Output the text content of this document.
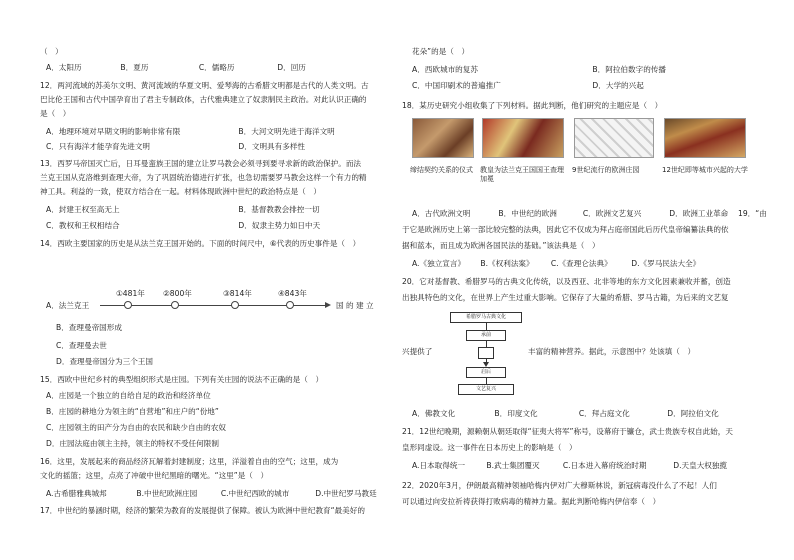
（　）
A．太阳历	B．夏历	C．儒略历	D．回历
12．两河流域的苏美尔文明、黄河流域的华夏文明、爱琴海的古希腊文明都是古代的人类文明。古
巴比伦王国和古代中国孕育出了君主专制政体，古代雅典建立了奴隶制民主政治。对此认识正确的
是（　）
A．地理环境对早期文明的影响非常有限	B．大河文明先进于海洋文明
C．只有海洋才能孕育先进文明	D．文明具有多样性
13．西罗马帝国灭亡后，日耳曼蛮族王国的建立让罗马教会必须寻到要寻求新的政治保护。而法
兰克王国从克洛维到查理大帝，为了巩固统治德进行扩张，也急切需要罗马教会这样一个有力的精
神工具。利益的一致，使双方结合在一起。材料体现欧洲中世纪的政治特点是（　）
A．封建王权至高无上	B．基督教教会排控一切
C．教权和王权相结合	D．奴隶主势力如日中天
14．西欧主要国家的历史是从法兰克王国开始的。下面的时间尺中，⑥代表的历史事件是（　）
A．法兰克王
①481年 ②800年	③814年	④843年
国 的 建 立
B．查理曼帝国形成
C．查理曼去世
D．查理曼帝国分为三个王国
15．西欧中世纪乡村的典型组织形式是庄园。下列有关庄园的说法不正确的是（　）
A．庄园是一个独立的自给自足的政治和经济单位
B．庄园的耕地分为领主的“自营地”和庄户的“份地”
C．庄园领主的田产分为自由的农民和缺少自由的农奴
D．庄园法庭由领主主持，领主的特权不受任何限制
16．这里，发展起来的商品经济瓦解着封建制度；这里，洋溢着自由的空气；这里，成为
文化的摇篮；这里，点亮了冲破中世纪黑暗的曙光。“这里”是（　）
A.古希腊雅典城邦	B.中世纪欧洲庄园	C.中世纪西欧的城市	D.中世纪罗马教廷
17．中世纪的暴涵时期，经济的繁荣为教育的发展提供了保障。被认为欧洲中世纪教育“最美好的
花朵”的是（　）
A．西欧城市的复苏	B．阿拉伯数字的传播
C．中国印刷术的普遍推广	D．大学的兴起
18．某历史研究小组收集了下列材料。据此判断，他们研究的主题应是（　）
缔结契约关系的仪式	教皇为法兰克王国国王查理加冕
9世纪流行的欧洲庄园	12世纪即等城市兴起的大学
A．古代欧洲文明	B．中世纪的欧洲	C．欧洲文艺复兴	D．欧洲工业革命	19．“由
于它是欧洲历史上第一部比较完整的法典，因此它不仅成为拜占庭帝国此后历代皇帝编纂法典的依
据和蓝本，而且成为欧洲各国民法的基础。”该法典是（　）
A.《独立宣言》 B.《权利法案》 C.《查理仑法典》	D.《罗马民法大全》
20．它对基督教、希腊罗马的古典文化传统，以及西亚、北非等地的东方文化因素兼收并蓄，创造
出独具特色的文化，在世界上产生过重大影响。它保存了大量的希腊、罗马古籍，为后来的文艺复
兴提供了	丰富的精神营养。据此，示意图中？处该填（　）
希腊罗马古典文化
承前
启后
文艺复兴
A．佛教文化	B．印度文化	C．拜占庭文化	D．阿拉伯文化
21．12世纪晚期，源赖朝从朝廷取得“征夷大将军”称号，设幕府于镰仓，武士贵族专权自此始，天
皇形同虚设。这一事件在日本历史上的影响是（　）
A.日本取得统一	B.武士集团覆灭	C.日本进入幕府统治时期	D.天皇大权独揽
22．2020年3月，伊朗最高精神领袖哈梅内伊对广大穆斯林说，新冠病毒没什么了不起！人们
可以通过向安拉祈祷获得打败病毒的精神力量。据此判断哈梅内伊信奉（　）
